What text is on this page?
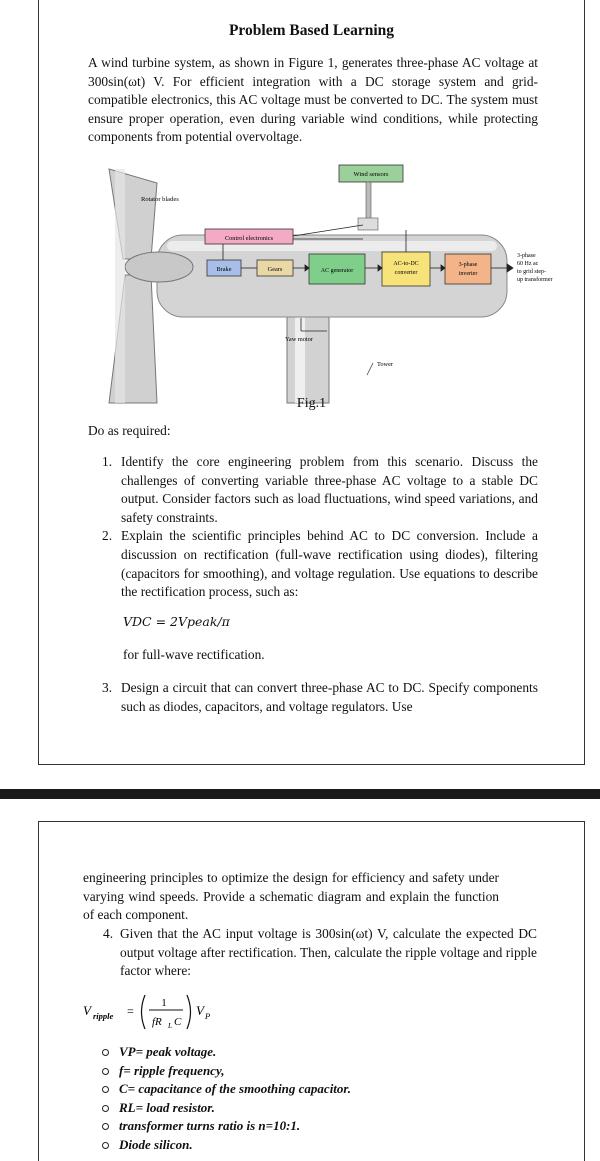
Problem Based Learning

A wind turbine system, as shown in Figure 1, generates three-phase AC voltage at 300sin(ωt) V. For efficient integration with a DC storage system and grid-compatible electronics, this AC voltage must be converted to DC. The system must ensure proper operation, even during variable wind conditions, while protecting components from potential overvoltage.

Rotator blades
Wind sensors
Control electronics
Brake	Gears	AC generator
AC-to-DC
converter
3-phase
inverter
3-phase
60 Hz ac
to grid step-
up transformer
Yaw motor
Tower
Fig.1
Do as required:
1. Identify the core engineering problem from this scenario. Discuss the challenges of converting variable three-phase AC voltage to a stable DC output. Consider factors such as load fluctuations, wind speed variations, and safety constraints.
2. Explain the scientific principles behind AC to DC conversion. Include a discussion on rectification (full-wave rectification using diodes), filtering (capacitors for smoothing), and voltage regulation. Use equations to describe the rectification process, such as:
VDC = 2Vpeak/π
for full-wave rectification.
3. Design a circuit that can convert three-phase AC to DC. Specify components such as diodes, capacitors, and voltage regulators. Use

engineering principles to optimize the design for efficiency and safety under varying wind speeds. Provide a schematic diagram and explain the function of each component.

4. Given that the AC input voltage is 300sin(ωt) V, calculate the expected DC output voltage after rectification. Then, calculate the ripple voltage and ripple factor where:
V ripple =
1
fR L C
V P
VP= peak voltage.
f= ripple frequency,
C= capacitance of the smoothing capacitor.
RL= load resistor.
transformer turns ratio is n=10:1.
Diode silicon.
